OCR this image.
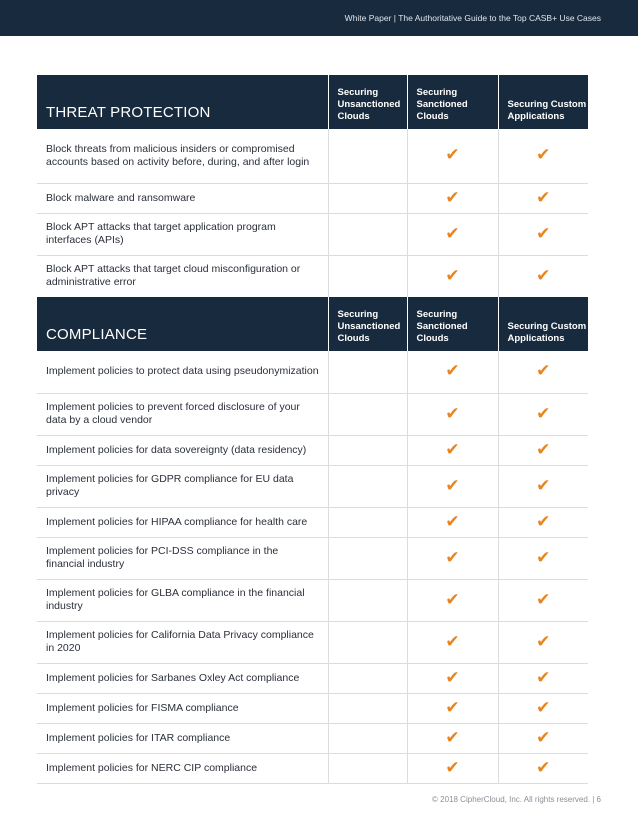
White Paper | The Authoritative Guide to the Top CASB+ Use Cases
THREAT PROTECTION	Securing Unsanctioned Clouds	Securing Sanctioned Clouds	Securing Custom Applications
Block threats from malicious insiders or compromised accounts based on activity before, during, and after login		✔	✔
Block malware and ransomware		✔	✔
Block APT attacks that target application program interfaces (APIs)		✔	✔
Block APT attacks that target cloud misconfiguration or administrative error		✔	✔
COMPLIANCE	Securing Unsanctioned Clouds	Securing Sanctioned Clouds	Securing Custom Applications
Implement policies to protect data using pseudonymization		✔	✔
Implement policies to prevent forced disclosure of your data by a cloud vendor		✔	✔
Implement policies for data sovereignty (data residency)		✔	✔
Implement policies for GDPR compliance for EU data privacy		✔	✔
Implement policies for HIPAA compliance for health care		✔	✔
Implement policies for PCI-DSS compliance in the financial industry		✔	✔
Implement policies for GLBA compliance in the financial industry		✔	✔
Implement policies for California Data Privacy compliance in 2020		✔	✔
Implement policies for Sarbanes Oxley Act compliance		✔	✔
Implement policies for FISMA compliance		✔	✔
Implement policies for ITAR compliance		✔	✔
Implement policies for NERC CIP compliance		✔	✔
© 2018 CipherCloud, Inc. All rights reserved. | 6
